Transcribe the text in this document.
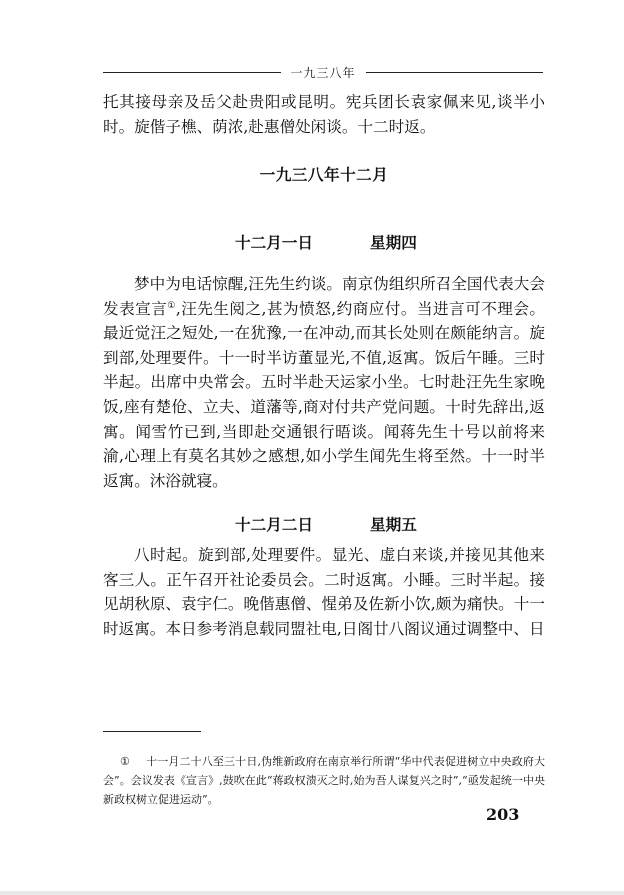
一九三八年

托其接母亲及岳父赴贵阳或昆明。宪兵团长袁家佩来见,谈半小时。旋偕子樵、荫浓,赴惠僧处闲谈。十二时返。

一九三八年十二月
十二月一日	星期四

梦中为电话惊醒,汪先生约谈。南京伪组织所召全国代表大会发表宣言①,汪先生阅之,甚为愤怒,约商应付。当进言可不理会。最近觉汪之短处,一在犹豫,一在冲动,而其长处则在颇能纳言。旋到部,处理要件。十一时半访董显光,不值,返寓。饭后午睡。三时半起。出席中央常会。五时半赴天运家小坐。七时赴汪先生家晚饭,座有楚伧、立夫、道藩等,商对付共产党问题。十时先辞出,返寓。闻雪竹已到,当即赴交通银行晤谈。闻蒋先生十号以前将来渝,心理上有莫名其妙之感想,如小学生闻先生将至然。十一时半返寓。沐浴就寝。

十二月二日	星期五

八时起。旋到部,处理要件。显光、虚白来谈,并接见其他来客三人。正午召开社论委员会。二时返寓。小睡。三时半起。接见胡秋原、袁宇仁。晚偕惠僧、惺弟及佐新小饮,颇为痛快。十一时返寓。本日参考消息载同盟社电,日阁廿八阁议通过调整中、日

① 十一月二十八至三十日,伪维新政府在南京举行所谓“华中代表促进树立中央政府大会”。会议发表《宣言》,鼓吹在此“蒋政权溃灭之时,始为吾人谋复兴之时”,“亟发起统一中央新政权树立促进运动”。

203
